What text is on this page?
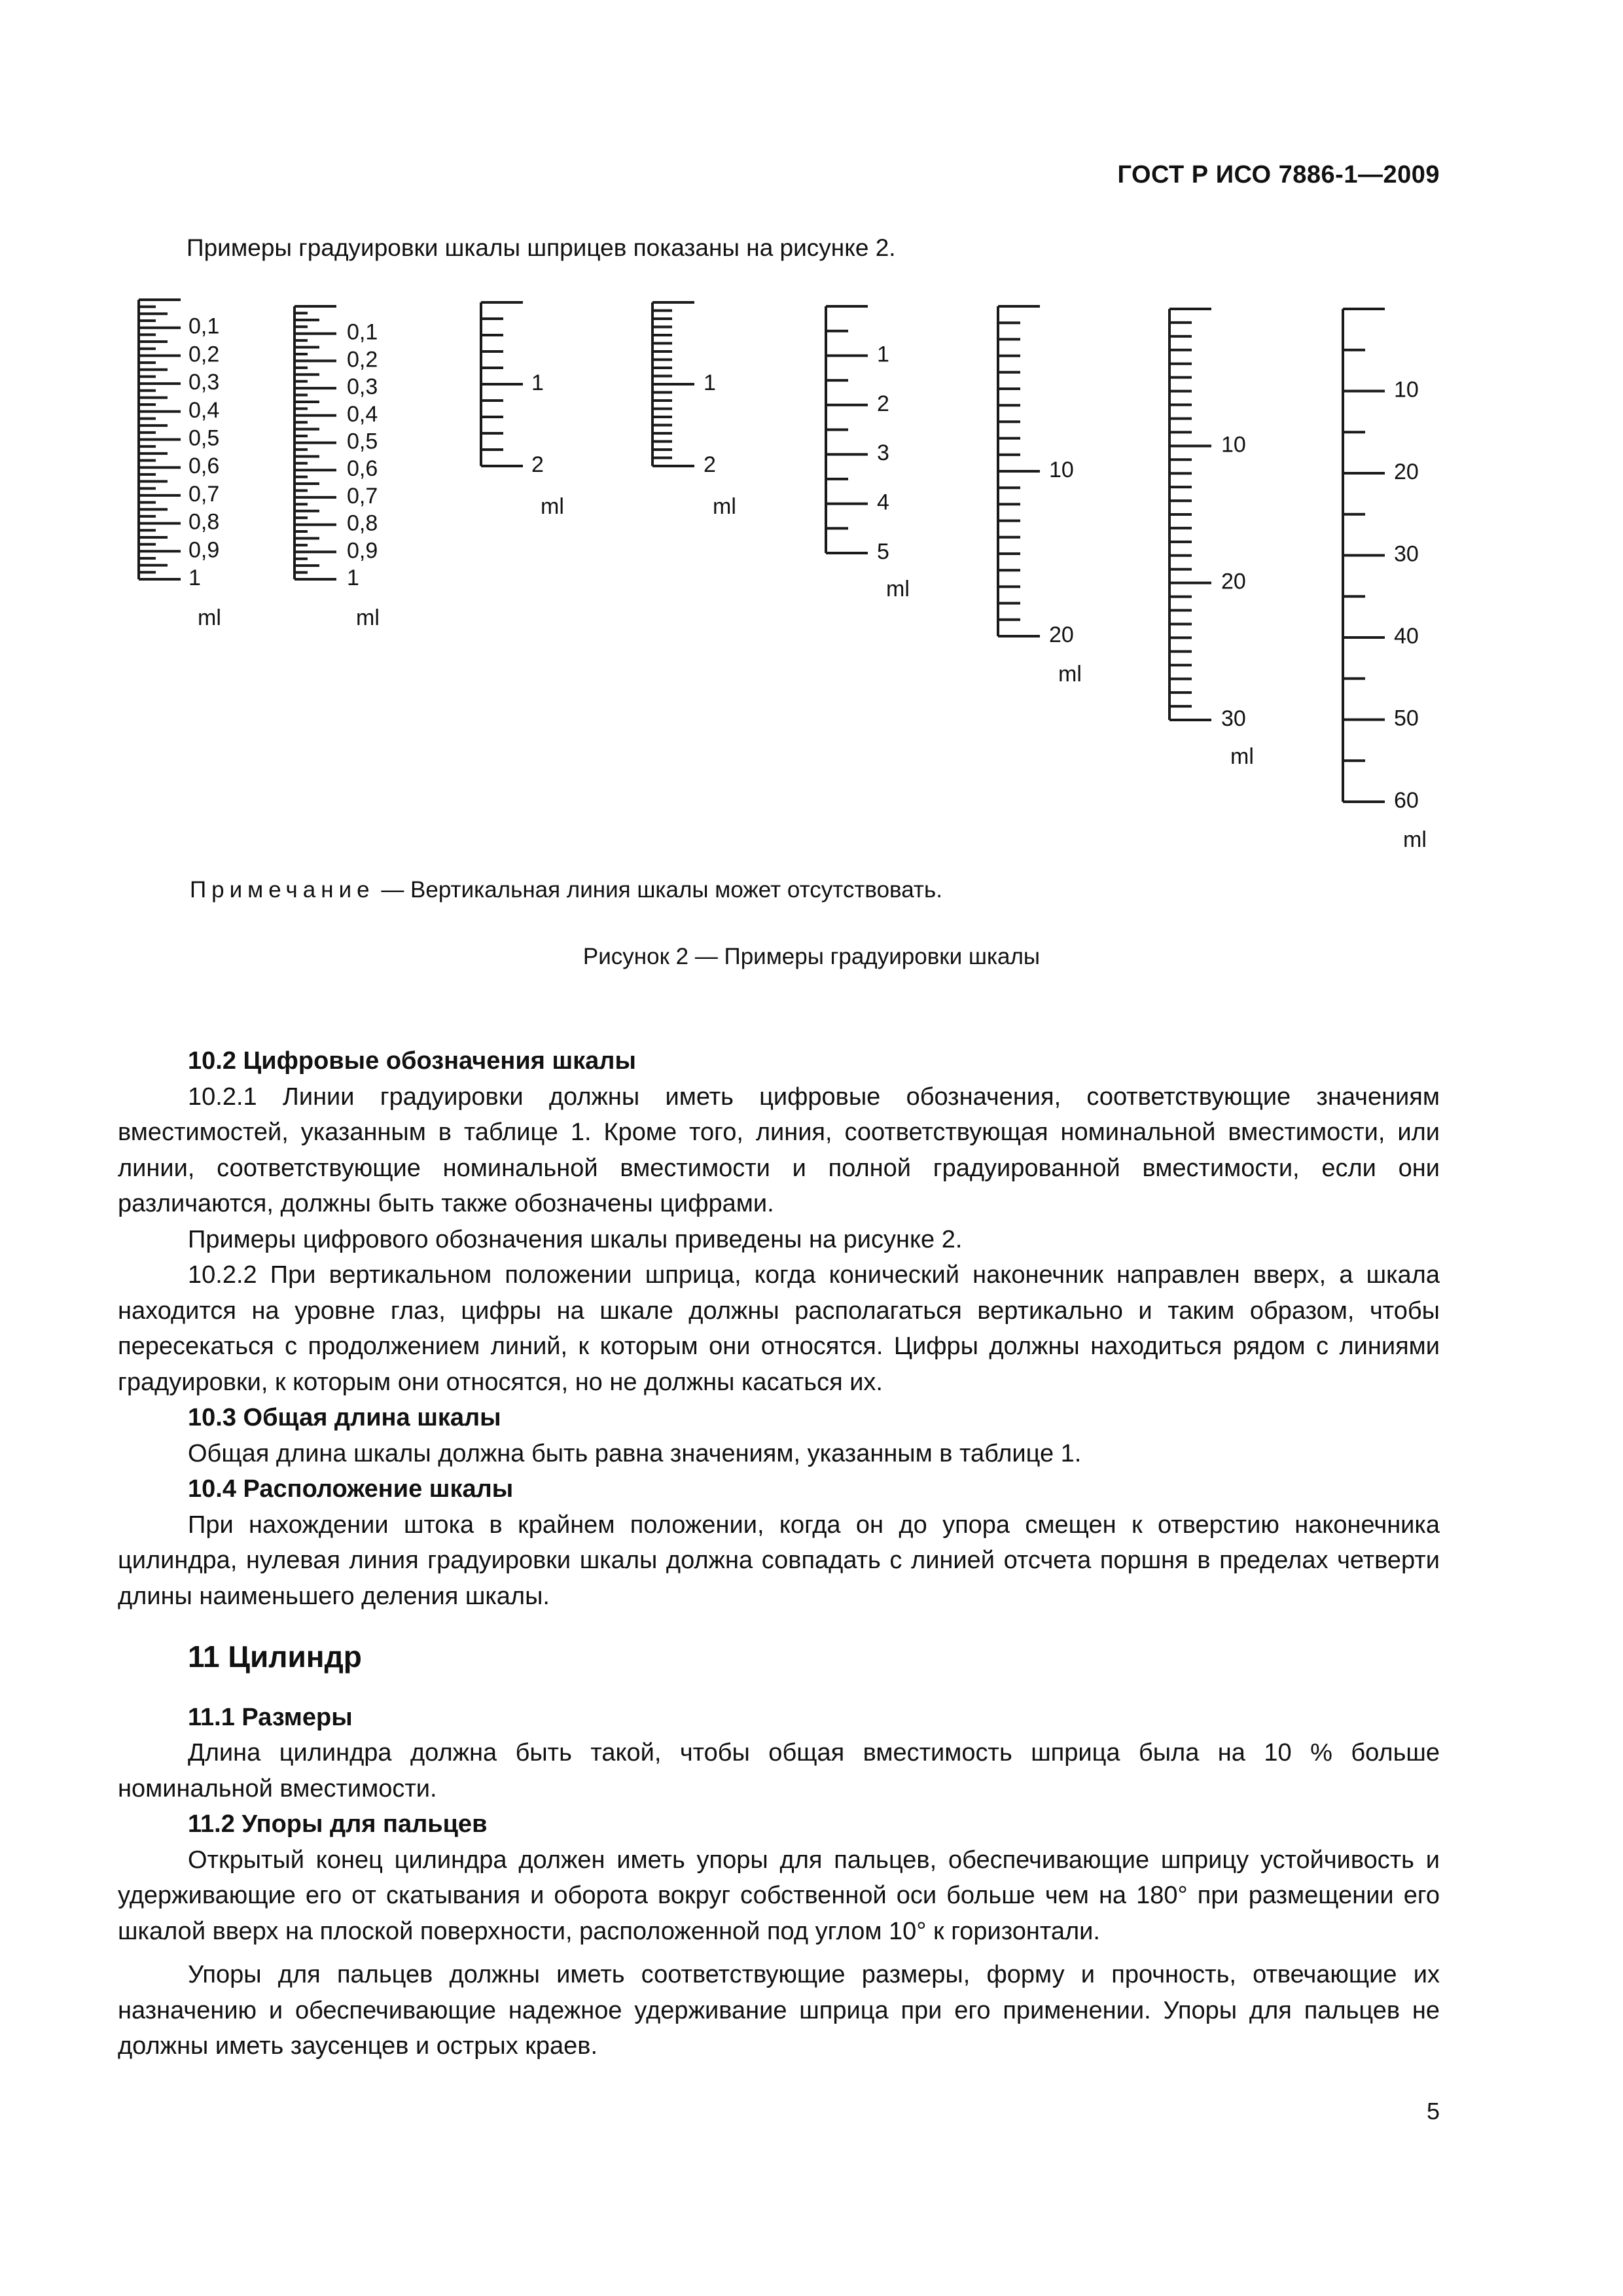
ГОСТ Р ИСО 7886-1—2009
Примеры градуировки шкалы шприцев показаны на рисунке 2.
0,1
0,2
0,3
0,4
0,5
0,6
0,7
0,8
0,9
1
ml
0,1
0,2
0,3
0,4
0,5
0,6
0,7
0,8
0,9
1
ml
1
2
ml
1
2
ml
1
2
3
4
5
ml
10
20
ml
10
20
30
ml
10
20
30
40
50
60
ml
Примечание — Вертикальная линия шкалы может отсутствовать.
Рисунок 2 — Примеры градуировки шкалы

10.2 Цифровые обозначения шкалы

10.2.1 Линии градуировки должны иметь цифровые обозначения, соответствующие значениям вместимостей, указанным в таблице 1. Кроме того, линия, соответствующая номинальной вместимости, или линии, соответствующие номинальной вместимости и полной градуированной вместимости, если они различаются, должны быть также обозначены цифрами.

Примеры цифрового обозначения шкалы приведены на рисунке 2.

10.2.2 При вертикальном положении шприца, когда конический наконечник направлен вверх, а шкала находится на уровне глаз, цифры на шкале должны располагаться вертикально и таким образом, чтобы пересекаться с продолжением линий, к которым они относятся. Цифры должны находиться рядом с линиями градуировки, к которым они относятся, но не должны касаться их.

10.3 Общая длина шкалы

Общая длина шкалы должна быть равна значениям, указанным в таблице 1.

10.4 Расположение шкалы

При нахождении штока в крайнем положении, когда он до упора смещен к отверстию наконечника цилиндра, нулевая линия градуировки шкалы должна совпадать с линией отсчета поршня в пределах четверти длины наименьшего деления шкалы.

11 Цилиндр

11.1 Размеры

Длина цилиндра должна быть такой, чтобы общая вместимость шприца была на 10 % больше номинальной вместимости.

11.2 Упоры для пальцев

Открытый конец цилиндра должен иметь упоры для пальцев, обеспечивающие шприцу устойчивость и удерживающие его от скатывания и оборота вокруг собственной оси больше чем на 180° при размещении его шкалой вверх на плоской поверхности, расположенной под углом 10° к горизонтали.

Упоры для пальцев должны иметь соответствующие размеры, форму и прочность, отвечающие их назначению и обеспечивающие надежное удерживание шприца при его применении. Упоры для пальцев не должны иметь заусенцев и острых краев.

5
